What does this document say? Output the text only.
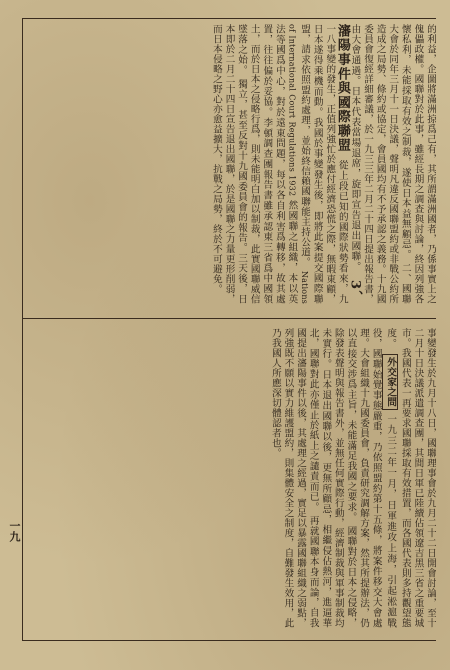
的利益，企圖將滿洲掠爲己有，其所謂滿洲國者，乃係事實上之傀儡政權。國聯對於此事，雖經長期之調查與討論，終因列強各懷私利，未能採取有效之制裁，遂使日本益無顧忌。 二、國聯大會於同年三月十一日決議，聲明凡違反國聯盟約或非戰公約所造成之局勢、條約或協定，會員國均有不予承認之義務。十九國委員會復經詳細審議，於一九三三年二月二十四日提出報告書，由大會通過。日本代表當場退席，旋即宣告退出國聯。 3、瀋陽事件與國際聯盟 從上段已知的國際狀勢看來，九一八事變的發生，正值列強忙於應付經濟恐慌之際，無暇東顧，日本遂得乘機而動。我國於事變發生後，即將此案提交國際聯盟，請求依照盟約處理，並始終信賴國聯能主持公道。 Nations of International Court Regulations 1932 然國聯之組織，本以英法等國爲中心，對於遠東問題，每以各自利害爲轉移，故其處置，往往偏於妥協。李頓調查團報告書雖承認東三省爲中國領土，而於日本之侵略行爲，則未能明白加以制裁，此實國聯威信墜落之始。 獨立，甚至反對十九國委員會的報告。三天後，日本即於二月二十四日宣告退出國聯，於是國聯之力量更形削弱，而日本侵略之野心亦愈益擴大，抗戰之局勢，終於不可避免。
事變發生於九月十八日，國聯理事會於九月二十二日開會討論，至十二月十日決議派遣調查團，其間日軍已陸續佔領遼吉黑三省之重要城市。我國代表一再要求國聯採取有效措置，而各國代表則多持觀望態度。 外交家之問 一九三二年一月，日軍進攻上海，引起淞滬戰役，國聯始覺事態嚴重，乃依照盟約第十五條，將案件移交大會處理。大會組織十九國委員會，負責研究調解方案，然其所提辦法，仍以直接交涉爲主旨，未能滿足我國之要求。 國聯對於日本之侵略，除發表聲明與報告書外，並無任何實際行動，經濟制裁與軍事制裁均未實行。日本退出國聯以後，更無所顧忌，相繼侵佔熱河，進逼華北，國聯對此亦僅止於紙上之譴責而已。 再就國聯本身而論，自我國提出瀋陽事件以後，其處理之經過，實足以暴露國聯組織之弱點，列強既不願以實力維護盟約，則集體安全之制度，自難發生效用，此乃我國人所應深切體認者也。
一九
